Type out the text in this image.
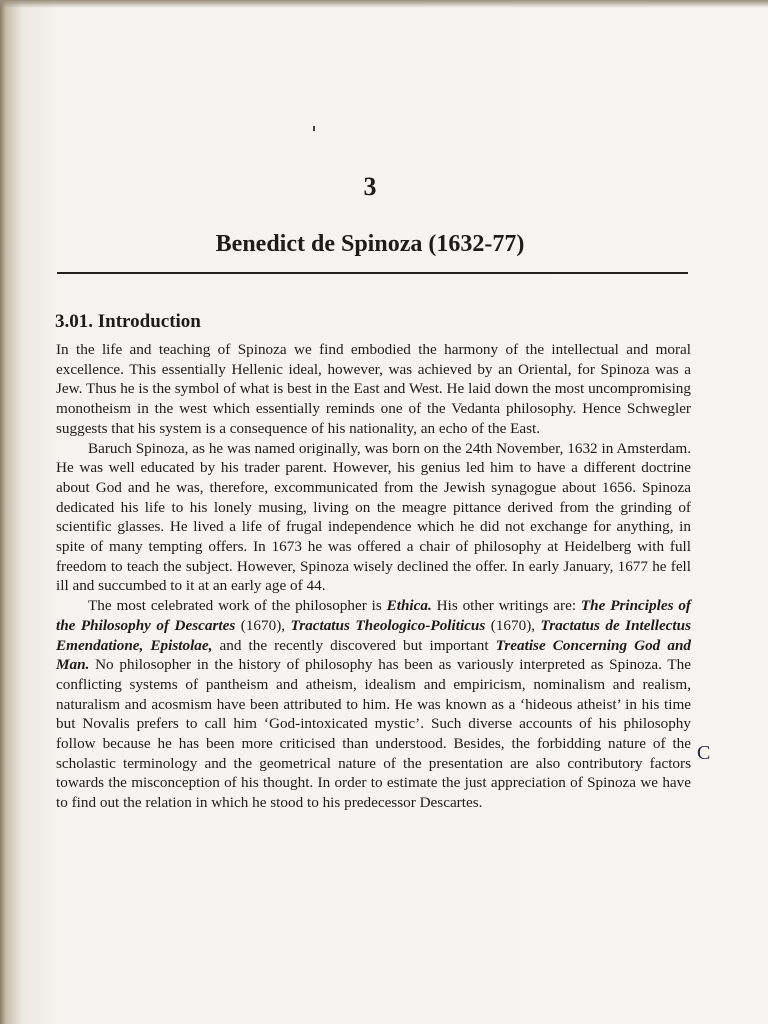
3
Benedict de Spinoza (1632-77)
3.01. Introduction

In the life and teaching of Spinoza we find embodied the harmony of the intellectual and moral excellence. This essentially Hellenic ideal, however, was achieved by an Oriental, for Spinoza was a Jew. Thus he is the symbol of what is best in the East and West. He laid down the most uncompromising monotheism in the west which essentially reminds one of the Vedanta philosophy. Hence Schwegler suggests that his system is a consequence of his nationality, an echo of the East.

Baruch Spinoza, as he was named originally, was born on the 24th November, 1632 in Amsterdam. He was well educated by his trader parent. However, his genius led him to have a different doctrine about God and he was, therefore, excommunicated from the Jewish synagogue about 1656. Spinoza dedicated his life to his lonely musing, living on the meagre pittance derived from the grinding of scientific glasses. He lived a life of frugal independence which he did not exchange for anything, in spite of many tempting offers. In 1673 he was offered a chair of philosophy at Heidelberg with full freedom to teach the subject. However, Spinoza wisely declined the offer. In early January, 1677 he fell ill and succumbed to it at an early age of 44.

The most celebrated work of the philosopher is Ethica. His other writings are: The Principles of the Philosophy of Descartes (1670), Tractatus Theologico-Politicus (1670), Tractatus de Intellectus Emendatione, Epistolae, and the recently discovered but important Treatise Concerning God and Man. No philosopher in the history of philosophy has been as variously interpreted as Spinoza. The conflicting systems of pantheism and atheism, idealism and empiricism, nominalism and realism, naturalism and acosmism have been attributed to him. He was known as a ‘hideous atheist’ in his time but Novalis prefers to call him ‘God-intoxicated mystic’. Such diverse accounts of his philosophy follow because he has been more criticised than understood. Besides, the forbidding nature of the scholastic terminology and the geometrical nature of the presentation are also contributory factors towards the misconception of his thought. In order to estimate the just appreciation of Spinoza we have to find out the relation in which he stood to his predecessor Descartes.

C
